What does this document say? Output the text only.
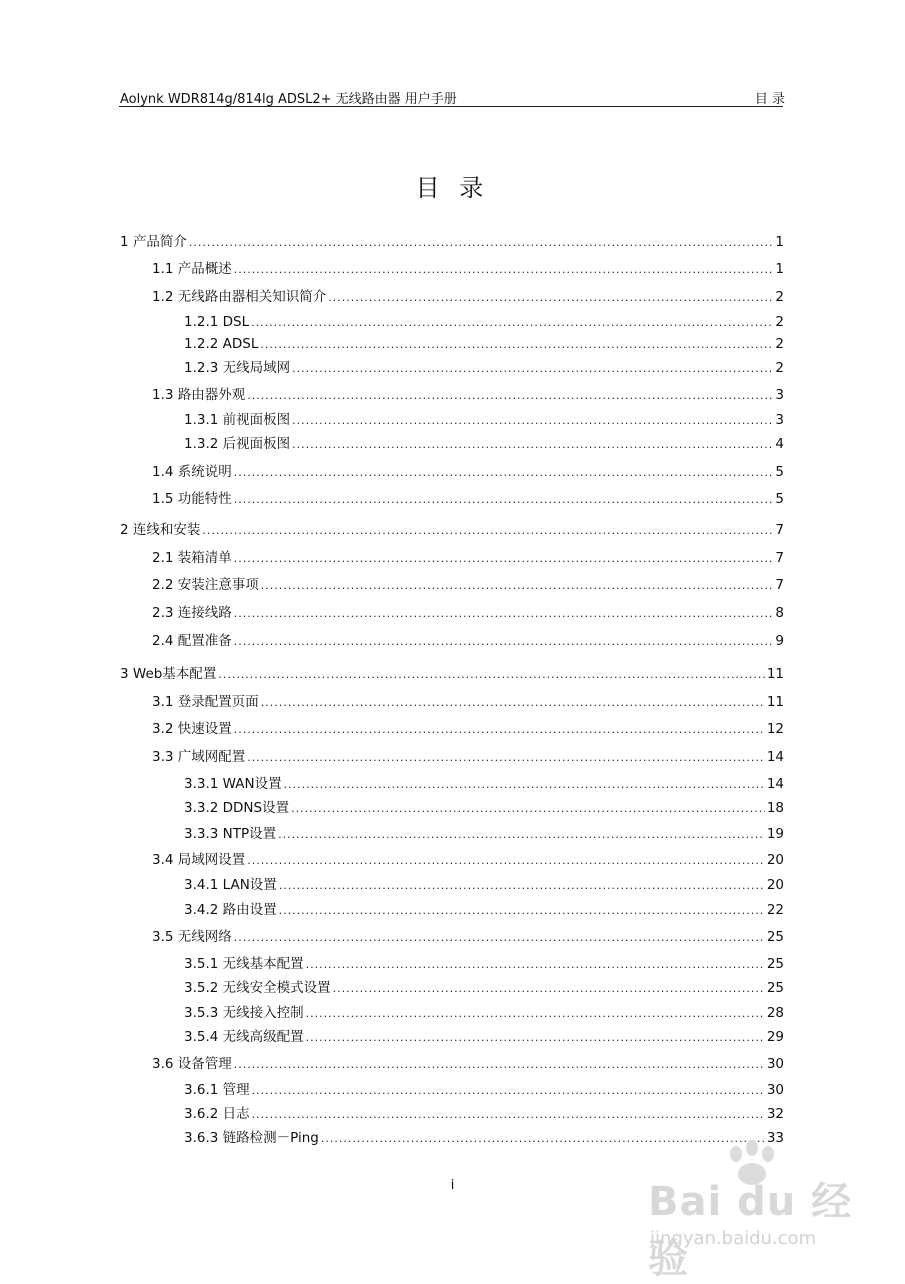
Aolynk WDR814g/814lg ADSL2+ 无线路由器 用户手册	目 录
目 录
1 产品简介 .....	1
1.1 产品概述 .....	1
1.2 无线路由器相关知识简介 .....	2
1.2.1 DSL .....	2
1.2.2 ADSL .....	2
1.2.3 无线局域网 .....	2
1.3 路由器外观 .....	3
1.3.1 前视面板图 .....	3
1.3.2 后视面板图 .....	4
1.4 系统说明 .....	5
1.5 功能特性 .....	5
2 连线和安装 .....	7
2.1 装箱清单 .....	7
2.2 安装注意事项 .....	7
2.3 连接线路 .....	8
2.4 配置准备 .....	9
3 Web基本配置 .....	11
3.1 登录配置页面 .....	11
3.2 快速设置 .....	12
3.3 广域网配置 .....	14
3.3.1 WAN设置 .....	14
3.3.2 DDNS设置 .....	18
3.3.3 NTP设置 .....	19
3.4 局域网设置 .....	20
3.4.1 LAN设置 .....	20
3.4.2 路由设置 .....	22
3.5 无线网络 .....	25
3.5.1 无线基本配置 .....	25
3.5.2 无线安全模式设置 .....	25
3.5.3 无线接入控制 .....	28
3.5.4 无线高级配置 .....	29
3.6 设备管理 .....	30
3.6.1 管理 .....	30
3.6.2 日志 .....	32
3.6.3 链路检测－Ping .....	33
i	Bai du 经验
jingyan.baidu.com
